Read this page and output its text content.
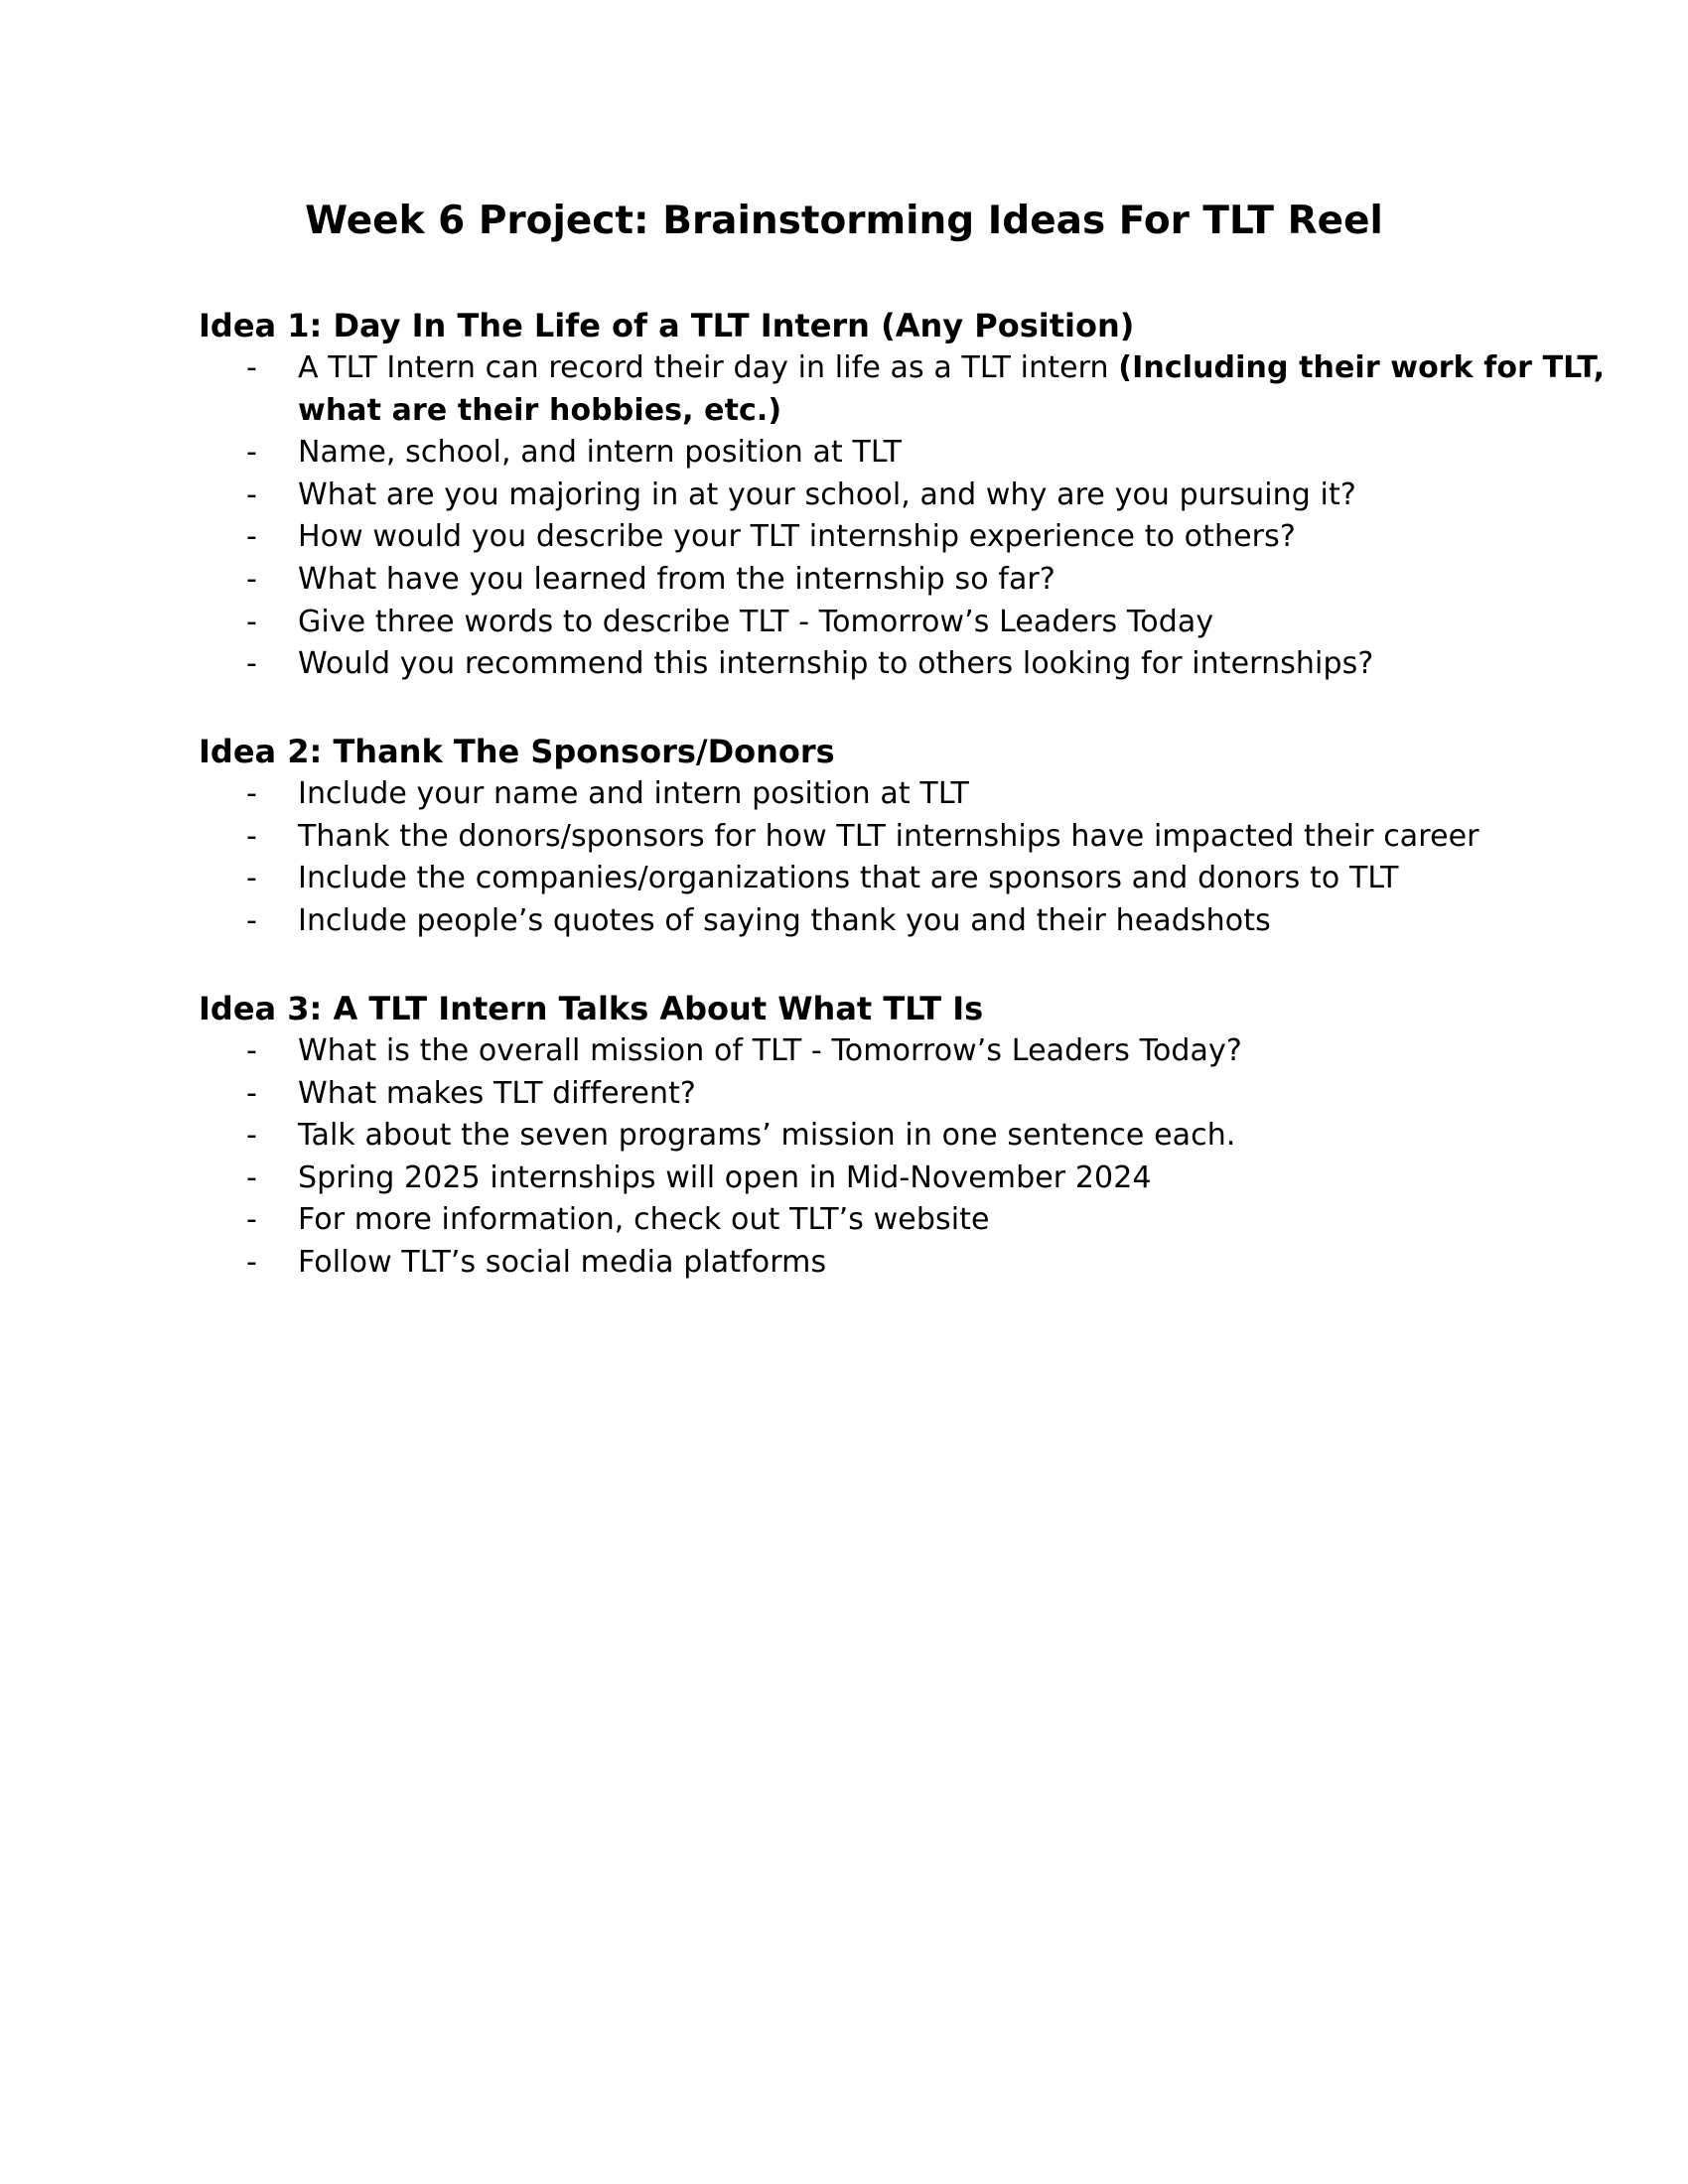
Week 6 Project: Brainstorming Ideas For TLT Reel
Idea 1: Day In The Life of a TLT Intern (Any Position)
- A TLT Intern can record their day in life as a TLT intern (Including their work for TLT, what are their hobbies, etc.)
- Name, school, and intern position at TLT
- What are you majoring in at your school, and why are you pursuing it?
- How would you describe your TLT internship experience to others?
- What have you learned from the internship so far?
- Give three words to describe TLT - Tomorrow’s Leaders Today
- Would you recommend this internship to others looking for internships?
Idea 2: Thank The Sponsors/Donors
- Include your name and intern position at TLT
- Thank the donors/sponsors for how TLT internships have impacted their career
- Include the companies/organizations that are sponsors and donors to TLT
- Include people’s quotes of saying thank you and their headshots
Idea 3: A TLT Intern Talks About What TLT Is
- What is the overall mission of TLT - Tomorrow’s Leaders Today?
- What makes TLT different?
- Talk about the seven programs’ mission in one sentence each.
- Spring 2025 internships will open in Mid-November 2024
- For more information, check out TLT’s website
- Follow TLT’s social media platforms
